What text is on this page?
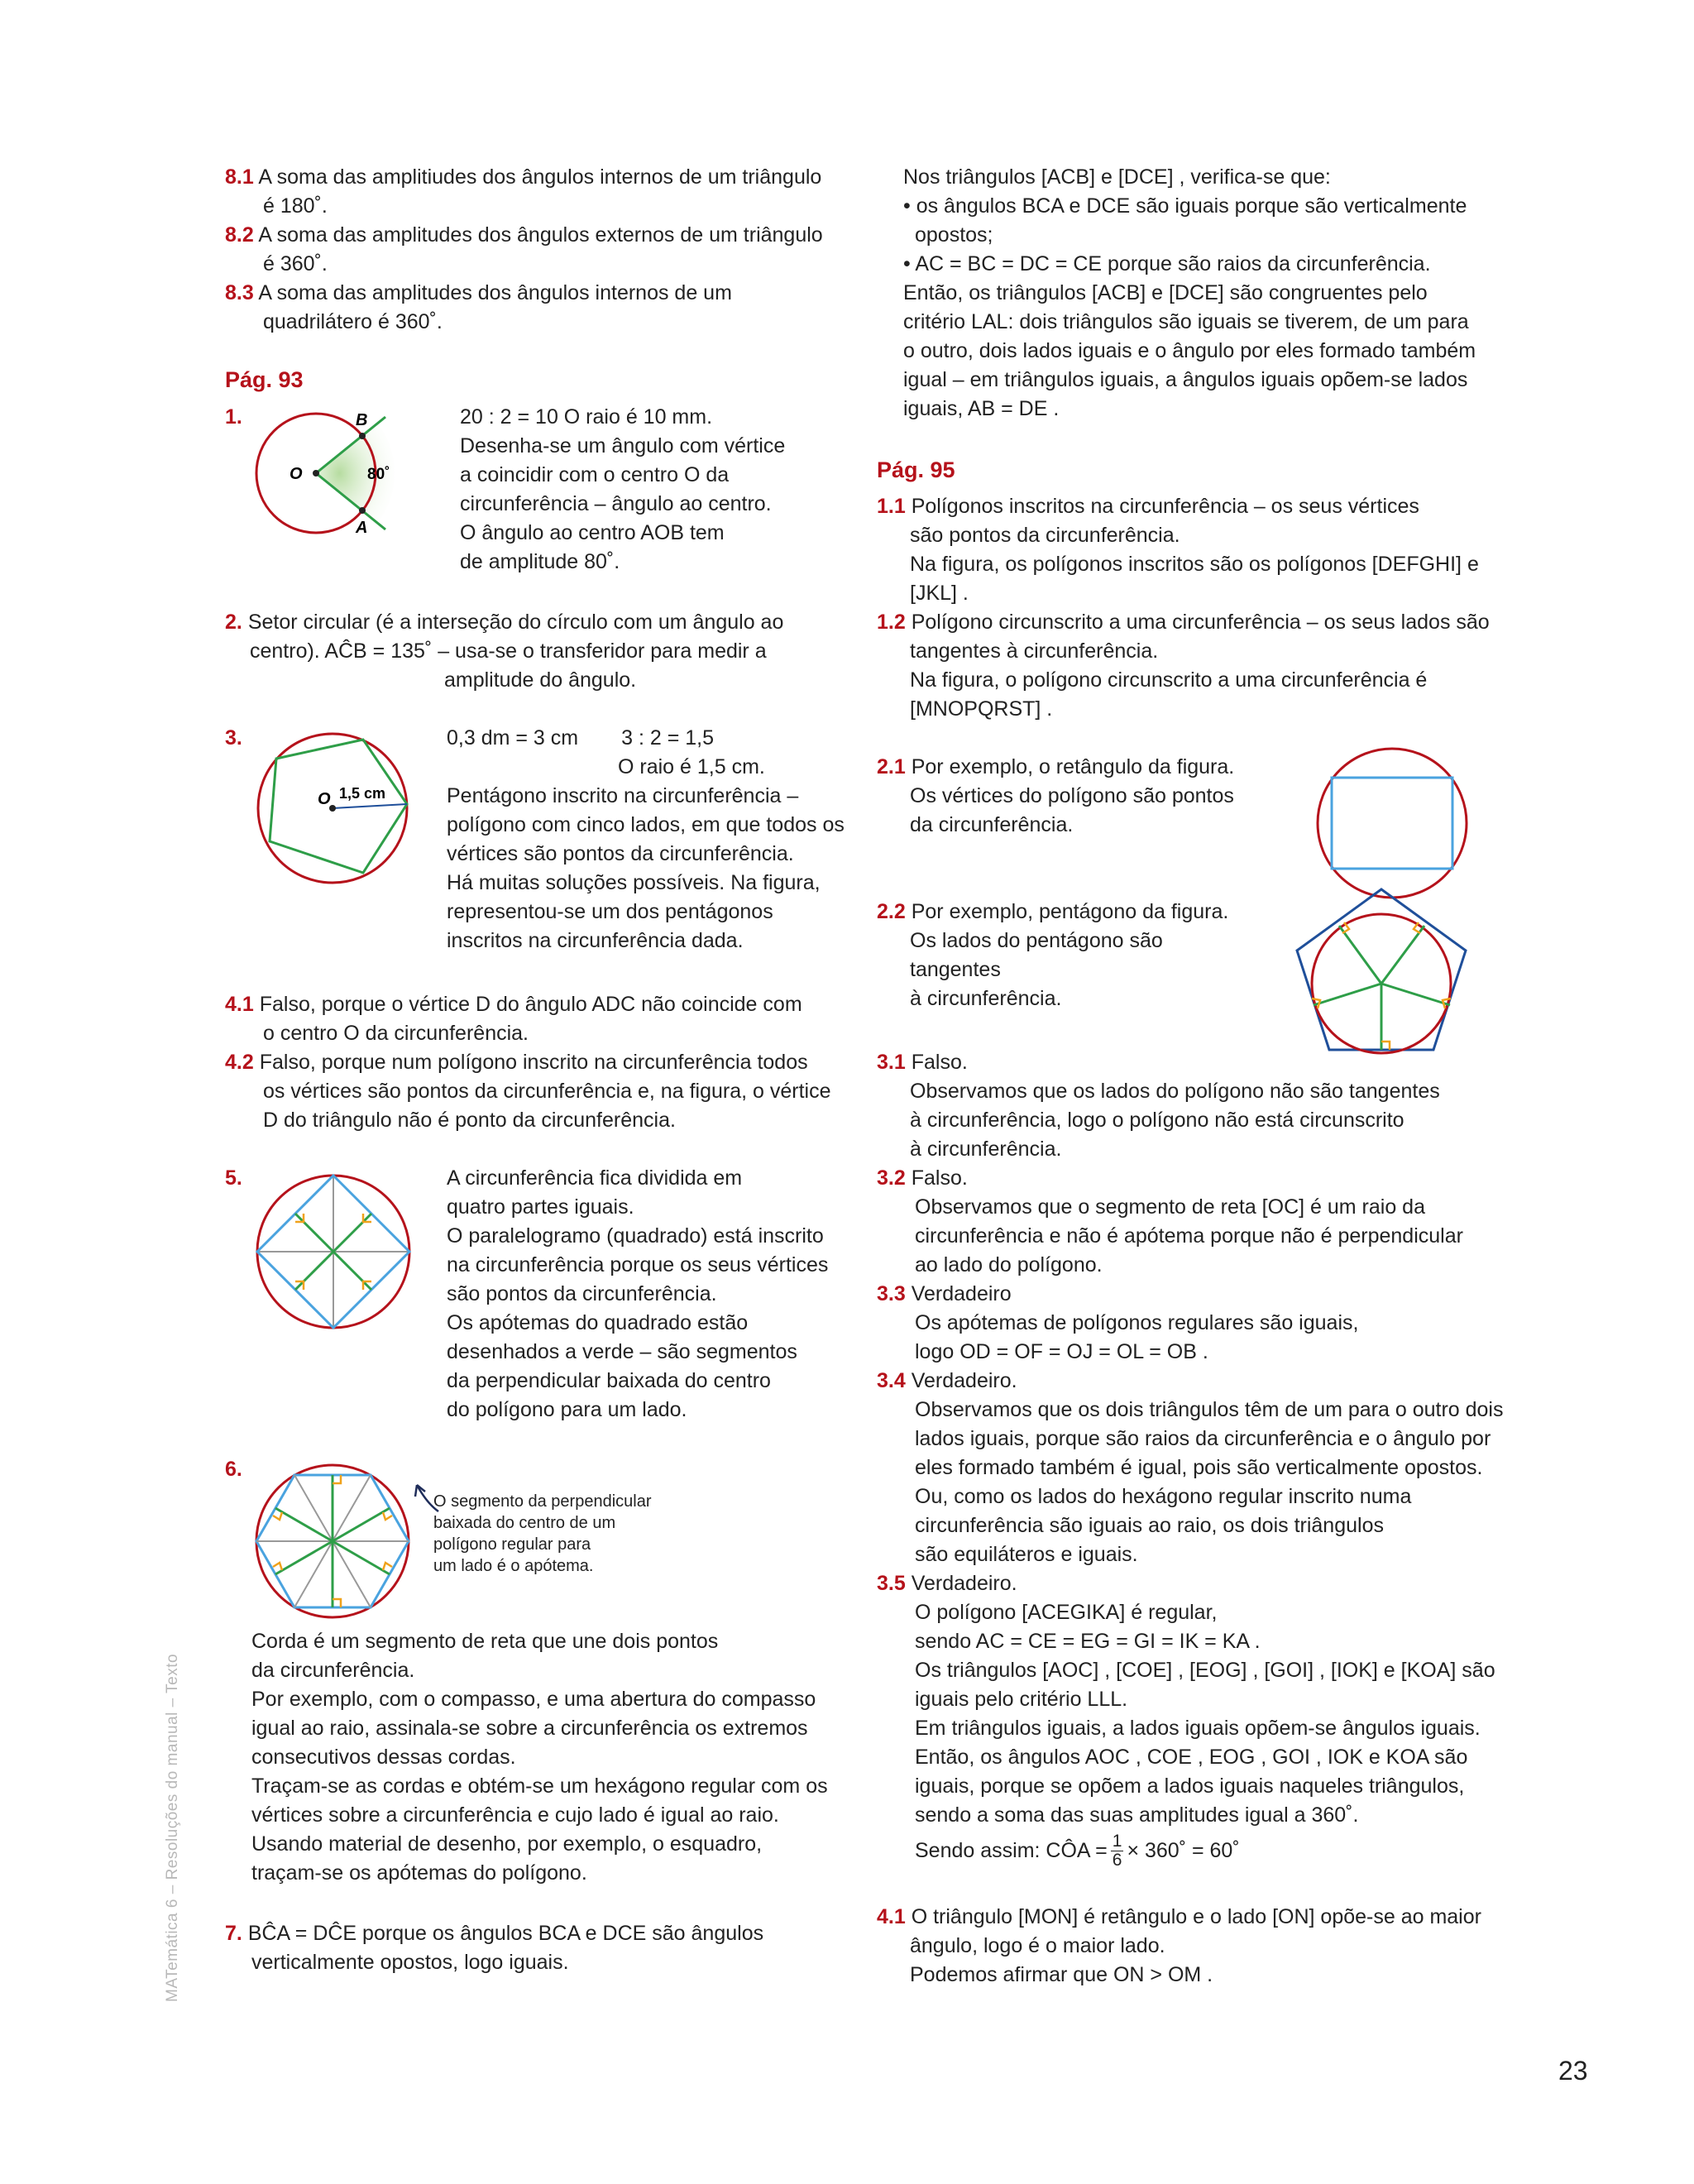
8.1 A soma das amplitiudes dos ângulos internos de um triângulo
é 180˚.
8.2 A soma das amplitudes dos ângulos externos de um triângulo
é 360˚.
8.3 A soma das amplitudes dos ângulos internos de um
quadrilátero é 360˚.
Pág. 93
1.	B
O
A
80˚
20 : 2 = 10 O raio é 10 mm.
Desenha-se um ângulo com vértice
a coincidir com o centro O da
circunferência – ângulo ao centro.
O ângulo ao centro AOB tem
de amplitude 80˚.
2. Setor circular (é a interseção do círculo com um ângulo ao
centro). AĈB = 135˚ – usa-se o transferidor para medir a
amplitude do ângulo.
3.
O 1,5 cm
0,3 dm = 3 cm 3 : 2 = 1,5
O raio é 1,5 cm.
Pentágono inscrito na circunferência –
polígono com cinco lados, em que todos os
vértices são pontos da circunferência.
Há muitas soluções possíveis. Na figura,
representou-se um dos pentágonos
inscritos na circunferência dada.
4.1 Falso, porque o vértice D do ângulo ADC não coincide com
o centro O da circunferência.
4.2 Falso, porque num polígono inscrito na circunferência todos
os vértices são pontos da circunferência e, na figura, o vértice
D do triângulo não é ponto da circunferência.
5.	A circunferência fica dividida em
quatro partes iguais.
O paralelogramo (quadrado) está inscrito
na circunferência porque os seus vértices
são pontos da circunferência.
Os apótemas do quadrado estão
desenhados a verde – são segmentos
da perpendicular baixada do centro
do polígono para um lado.
6.
O segmento da perpendicular
baixada do centro de um
polígono regular para
um lado é o apótema.
Corda é um segmento de reta que une dois pontos
da circunferência.
Por exemplo, com o compasso, e uma abertura do compasso
igual ao raio, assinala-se sobre a circunferência os extremos
consecutivos dessas cordas.
Traçam-se as cordas e obtém-se um hexágono regular com os
vértices sobre a circunferência e cujo lado é igual ao raio.
Usando material de desenho, por exemplo, o esquadro,
traçam-se os apótemas do polígono.
7. BĈA = DĈE porque os ângulos BCA e DCE são ângulos
verticalmente opostos, logo iguais.
Nos triângulos [ACB] e [DCE] , verifica-se que:
• os ângulos BCA e DCE são iguais porque são verticalmente
opostos;
• AC = BC = DC = CE porque são raios da circunferência.
Então, os triângulos [ACB] e [DCE] são congruentes pelo
critério LAL: dois triângulos são iguais se tiverem, de um para
o outro, dois lados iguais e o ângulo por eles formado também
igual – em triângulos iguais, a ângulos iguais opõem-se lados
iguais, AB = DE .
Pág. 95
1.1 Polígonos inscritos na circunferência – os seus vértices
são pontos da circunferência.
Na figura, os polígonos inscritos são os polígonos [DEFGHI] e
[JKL] .
1.2 Polígono circunscrito a uma circunferência – os seus lados são
tangentes à circunferência.
Na figura, o polígono circunscrito a uma circunferência é
[MNOPQRST] .
2.1 Por exemplo, o retângulo da figura.
Os vértices do polígono são pontos
da circunferência.
2.2 Por exemplo, pentágono da figura.
Os lados do pentágono são tangentes
à circunferência.
3.1 Falso.
Observamos que os lados do polígono não são tangentes
à circunferência, logo o polígono não está circunscrito
à circunferência.
3.2 Falso.
Observamos que o segmento de reta [OC] é um raio da
circunferência e não é apótema porque não é perpendicular
ao lado do polígono.
3.3 Verdadeiro
Os apótemas de polígonos regulares são iguais,
logo OD = OF = OJ = OL = OB .
3.4 Verdadeiro.
Observamos que os dois triângulos têm de um para o outro dois
lados iguais, porque são raios da circunferência e o ângulo por
eles formado também é igual, pois são verticalmente opostos.
Ou, como os lados do hexágono regular inscrito numa
circunferência são iguais ao raio, os dois triângulos
são equiláteros e iguais.
3.5 Verdadeiro.
O polígono [ACEGIKA] é regular,
sendo AC = CE = EG = GI = IK = KA .
Os triângulos [AOC] , [COE] , [EOG] , [GOI] , [IOK] e [KOA] são
iguais pelo critério LLL.
Em triângulos iguais, a lados iguais opõem-se ângulos iguais.
Então, os ângulos AOC , COE , EOG , GOI , IOK e KOA são
iguais, porque se opõem a lados iguais naqueles triângulos,
sendo a soma das suas amplitudes igual a 360˚.
Sendo assim: CÔA = $\frac{1}{6}$ × 360˚ = 60˚
4.1 O triângulo [MON] é retângulo e o lado [ON] opõe-se ao maior
ângulo, logo é o maior lado.
Podemos afirmar que ON > OM .
MATemática 6 – Resoluções do manual – Texto
23
